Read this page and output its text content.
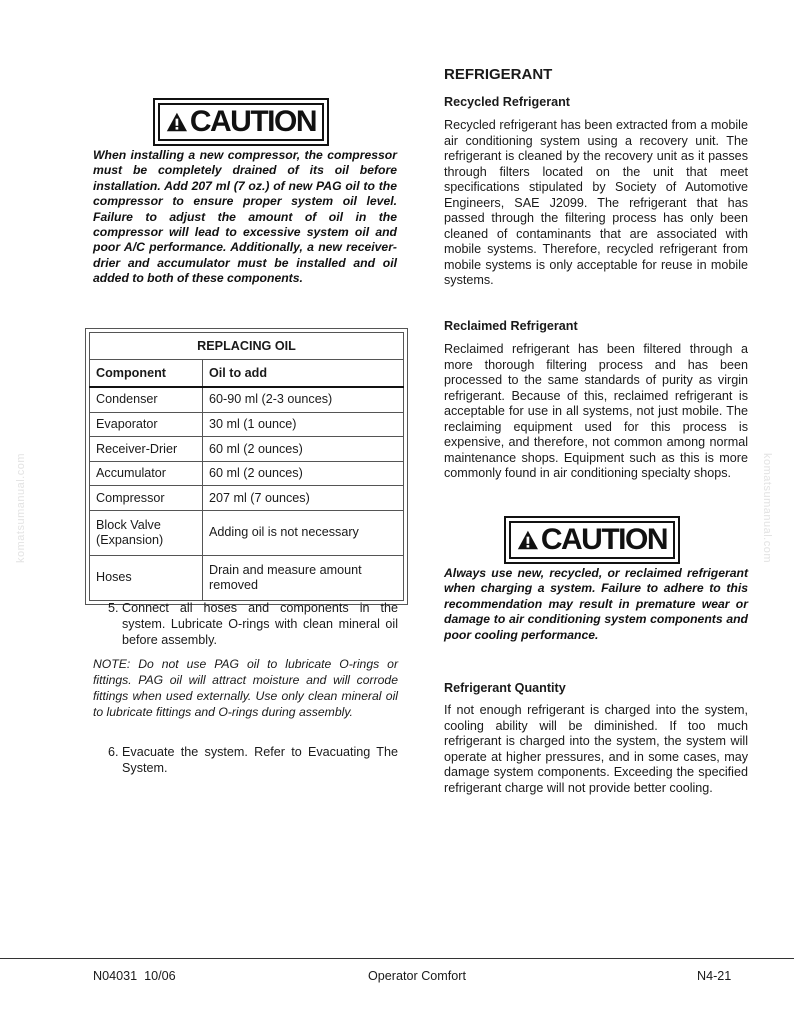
komatsumanual.com	komatsumanual.com
CAUTION
When installing a new compressor, the compressor must be completely drained of its oil before installation. Add 207 ml (7 oz.) of new PAG oil to the compressor to ensure proper system oil level. Failure to adjust the amount of oil in the compressor will lead to excessive system oil and poor A/C performance. Additionally, a new receiver-drier and accumulator must be installed and oil added to both of these components.
REPLACING OIL	
Component	Oil to add
Condenser	60-90 ml (2-3 ounces)
Evaporator	30 ml (1 ounce)
Receiver-Drier	60 ml (2 ounces)
Accumulator	60 ml (2 ounces)
Compressor	207 ml (7 ounces)
Block Valve (Expansion)	Adding oil is not necessary
Hoses	Drain and measure amount removed
5. Connect all hoses and components in the system. Lubricate O-rings with clean mineral oil before assembly.
NOTE: Do not use PAG oil to lubricate O-rings or fittings. PAG oil will attract moisture and will corrode fittings when used externally. Use only clean mineral oil to lubricate fittings and O-rings during assembly.
6. Evacuate the system. Refer to Evacuating The System.
REFRIGERANT
Recycled Refrigerant
Recycled refrigerant has been extracted from a mobile air conditioning system using a recovery unit. The refrigerant is cleaned by the recovery unit as it passes through filters located on the unit that meet specifications stipulated by Society of Automotive Engineers, SAE J2099. The refrigerant that has passed through the filtering process has only been cleaned of contaminants that are associated with mobile systems. Therefore, recycled refrigerant from mobile systems is only acceptable for reuse in mobile systems.
Reclaimed Refrigerant
Reclaimed refrigerant has been filtered through a more thorough filtering process and has been processed to the same standards of purity as virgin refrigerant. Because of this, reclaimed refrigerant is acceptable for use in all systems, not just mobile. The reclaiming equipment used for this process is expensive, and therefore, not common among normal maintenance shops. Equipment such as this is more commonly found in air conditioning specialty shops.
CAUTION
Always use new, recycled, or reclaimed refrigerant when charging a system. Failure to adhere to this recommendation may result in premature wear or damage to air conditioning system components and poor cooling performance.
Refrigerant Quantity
If not enough refrigerant is charged into the system, cooling ability will be diminished. If too much refrigerant is charged into the system, the system will operate at higher pressures, and in some cases, may damage system components. Exceeding the specified refrigerant charge will not provide better cooling.
N04031  10/06	Operator Comfort	N4-21
